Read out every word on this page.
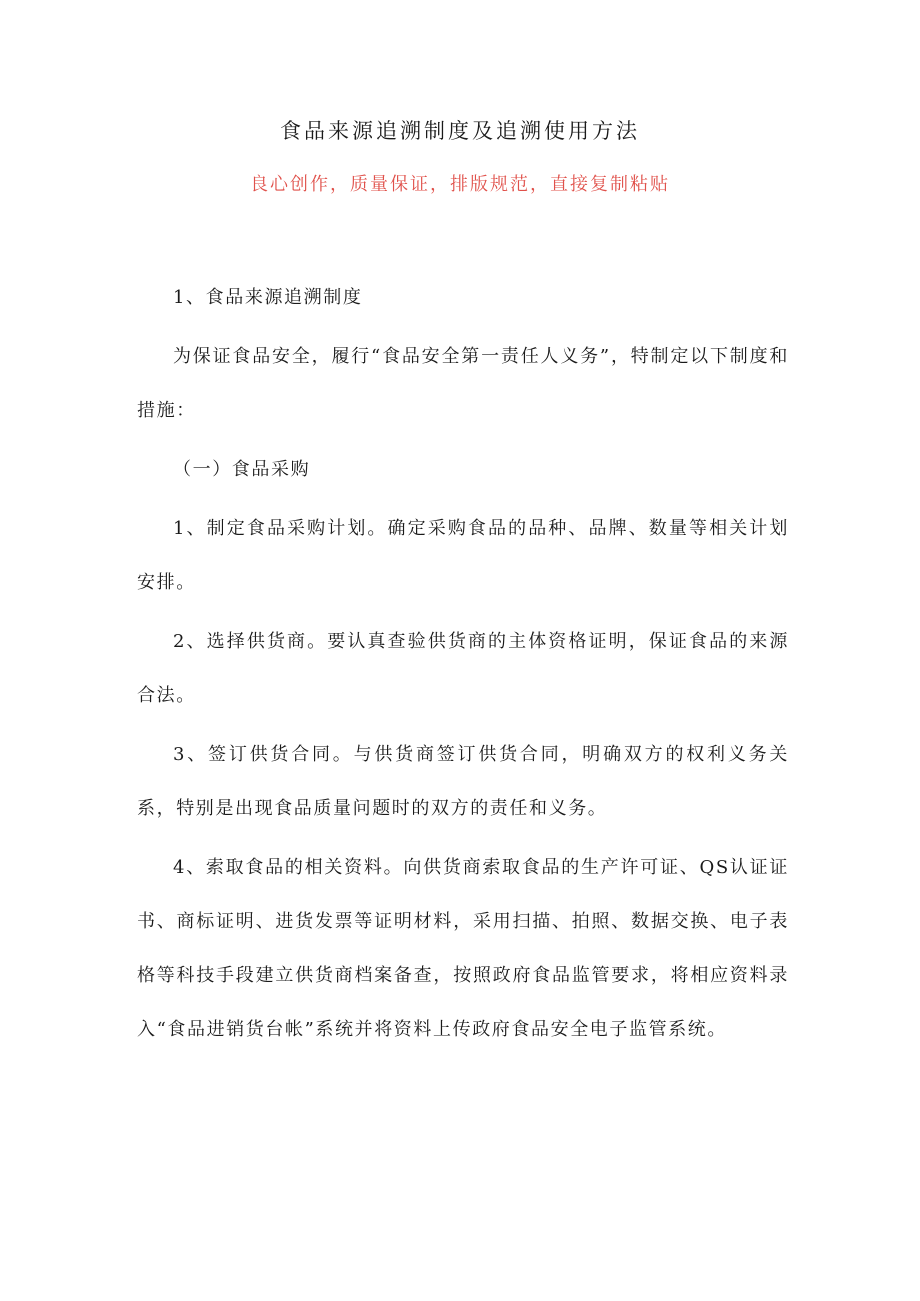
食品来源追溯制度及追溯使用方法
良心创作，质量保证，排版规范，直接复制粘贴

1、食品来源追溯制度

为保证食品安全，履行“食品安全第一责任人义务”，特制定以下制度和措施：

（一）食品采购

1、制定食品采购计划。确定采购食品的品种、品牌、数量等相关计划安排。

2、选择供货商。要认真查验供货商的主体资格证明，保证食品的来源合法。

3、签订供货合同。与供货商签订供货合同，明确双方的权利义务关系，特别是出现食品质量问题时的双方的责任和义务。

4、索取食品的相关资料。向供货商索取食品的生产许可证、QS认证证书、商标证明、进货发票等证明材料，采用扫描、拍照、数据交换、电子表格等科技手段建立供货商档案备查，按照政府食品监管要求，将相应资料录入“食品进销货台帐”系统并将资料上传政府食品安全电子监管系统。
